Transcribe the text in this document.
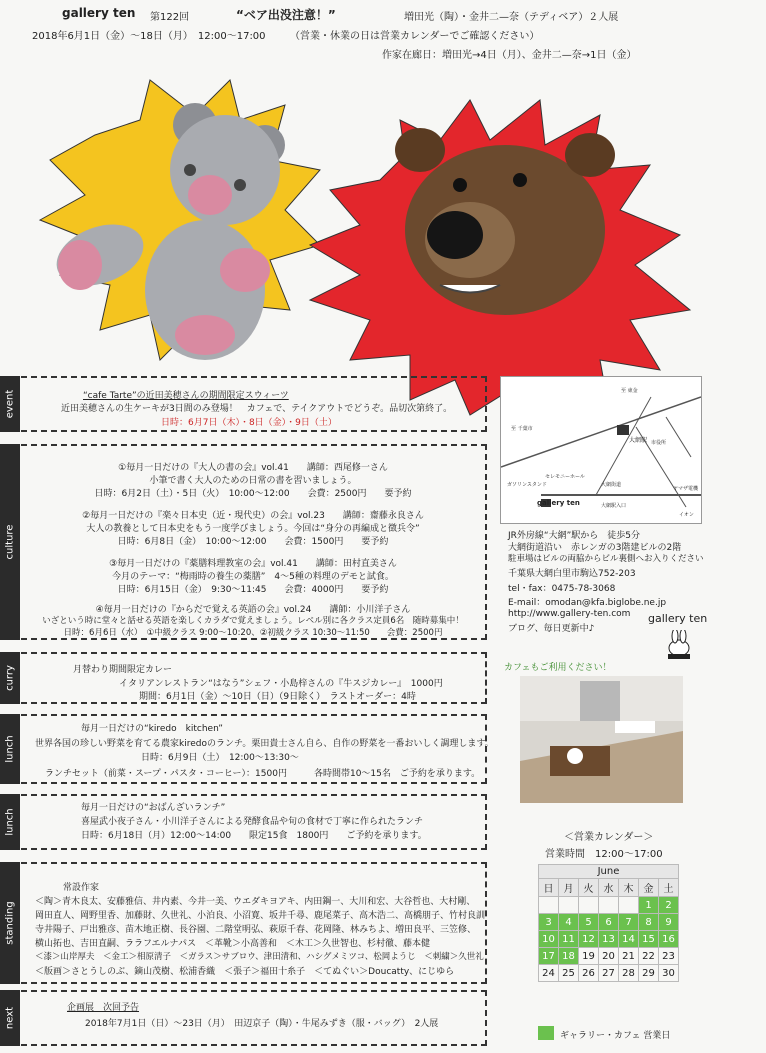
gallery ten 第122回	“ベア出没注意！”	増田光（陶）・金井二—奈（テディベア）２人展
2018年6月1日（金）～18日（月）　12:00～17:00 （営業・休業の日は営業カレンダーでご確認ください）
作家在廊日：増田光→4日（月）、金井二—奈→1日（金）
event	“cafe Tarte”の近田美穂さんの期間限定スウィーツ
近田美穂さんの生ケーキが3日間のみ登場！　カフェで、テイクアウトでどうぞ。品切次第終了。
日時：6月7日（木）・8日（金）・9日（土）
culture
①毎月一日だけの『大人の書の会』vol.41　　講師：西尾修一さん
小筆で書く大人のための日常の書を習いましょう。
日時：6月2日（土）・5日（火）　10:00～12:00　　会費：2500円　　要予約
②毎月一日だけの『楽々日本史（近・現代史）の会』vol.23　　講師：齋藤永良さん
大人の教養として日本史をもう一度学びましょう。今回は“身分の再編成と徴兵令”
日時：6月8日（金）　10:00～12:00　　会費：1500円　　要予約
③毎月一日だけの『薬膳料理教室の会』vol.41　　講師：田村直美さん
今月のテーマ：“梅雨時の養生の薬膳”　4～5種の料理のデモと試食。
日時：6月15日（金）　9:30～11:45　　会費：4000円　　要予約
④毎月一日だけの『からだで覚える英語の会』vol.24　　講師：小川洋子さん
いざという時に堂々と話せる英語を楽しくカラダで覚えましょう。レベル別に各クラス定員6名　随時募集中！
日時：6月6日（水）　①中級クラス 9:00～10:20、②初級クラス 10:30～11:50　　会費：2500円
curry	月替わり期間限定カレー
イタリアンレストラン“はなう”シェフ・小島梓さんの『牛スジカレー』　1000円
期間：6月1日（金）～10日（日）（9日除く）　ラストオーダー：4時
lunch
毎月一日だけの“kiredo　kitchen”
世界各国の珍しい野菜を育てる農家kiredoのランチ。栗田貴士さん自ら、自作の野菜を一番おいしく調理します。
日時：6月9日（土）　12:00～13:30～
ランチセット（前菜・スープ・パスタ・コーヒー）：1500円　　　各時間帯10～15名　ご予約を承ります。
lunch
毎月一日だけの“おばんざいランチ”
喜屋武小夜子さん・小川洋子さんによる発酵食品や旬の食材で丁寧に作られたランチ
日時：6月18日（月）12:00～14:00　　限定15食　1800円　　ご予約を承ります。
standing
常設作家
＜陶＞青木良太、安藤雅信、井内素、今井一美、ウエダキヨアキ、内田鋼一、大川和宏、大谷哲也、大村剛、
岡田直人、岡野里香、加藤財、久世礼、小泊良、小沼寛、坂井千尋、鹿尾菜子、高木浩二、高橋朋子、竹村良訓
寺井陽子、戸出雅彦、苗木地正樹、長谷園、二階堂明弘、萩原千春、花岡隆、林みちよ、増田良平、三笠修、
横山拓也、吉田直嗣、ララフエルナパス　＜革靴＞小高善和　＜木工＞久世智也、杉村徹、藤本健
＜漆＞山岸厚夫　＜金工＞相原清子　＜ガラス＞サブロウ、津田清和、ハシグメミツコ、松岡ようじ　＜刺繍＞久世礼
＜版画＞さとうしのぶ、鏑山茂樹、松浦香織　＜張子＞福田十糸子　＜てぬぐい＞Doucatty、にじゆら
next	企画展　次回予告
2018年7月1日（日）～23日（月）　田辺京子（陶）・牛尾みずき（服・バッグ）　2人展
大網駅
gallery ten
セレモニーホール
大網街道
大網駅入口
ガソリンスタンド
ヤマザ電機
イオン
至 千葉市
市役所
至 東金
JR外房線“大網”駅から　徒歩5分
大網街道沿い　赤レンガの3階建ビルの2階
駐車場はビルの両脇からビル裏側へお入りください
千葉県大網白里市駒込752-203
tel・fax：0475-78-3068
E-mail：omodan@kfa.biglobe.ne.jp
http://www.gallery-ten.com
ブログ、毎日更新中♪
gallery ten
カフェもご利用ください！
＜営業カレンダー＞
営業時間　12:00～17:00
June						
日	月	火	水	木	金	土
					1	2
3	4	5	6	7	8	9
10	11	12	13	14	15	16
17	18	19	20	21	22	23
24	25	26	27	28	29	30
ギャラリー・カフェ 営業日
